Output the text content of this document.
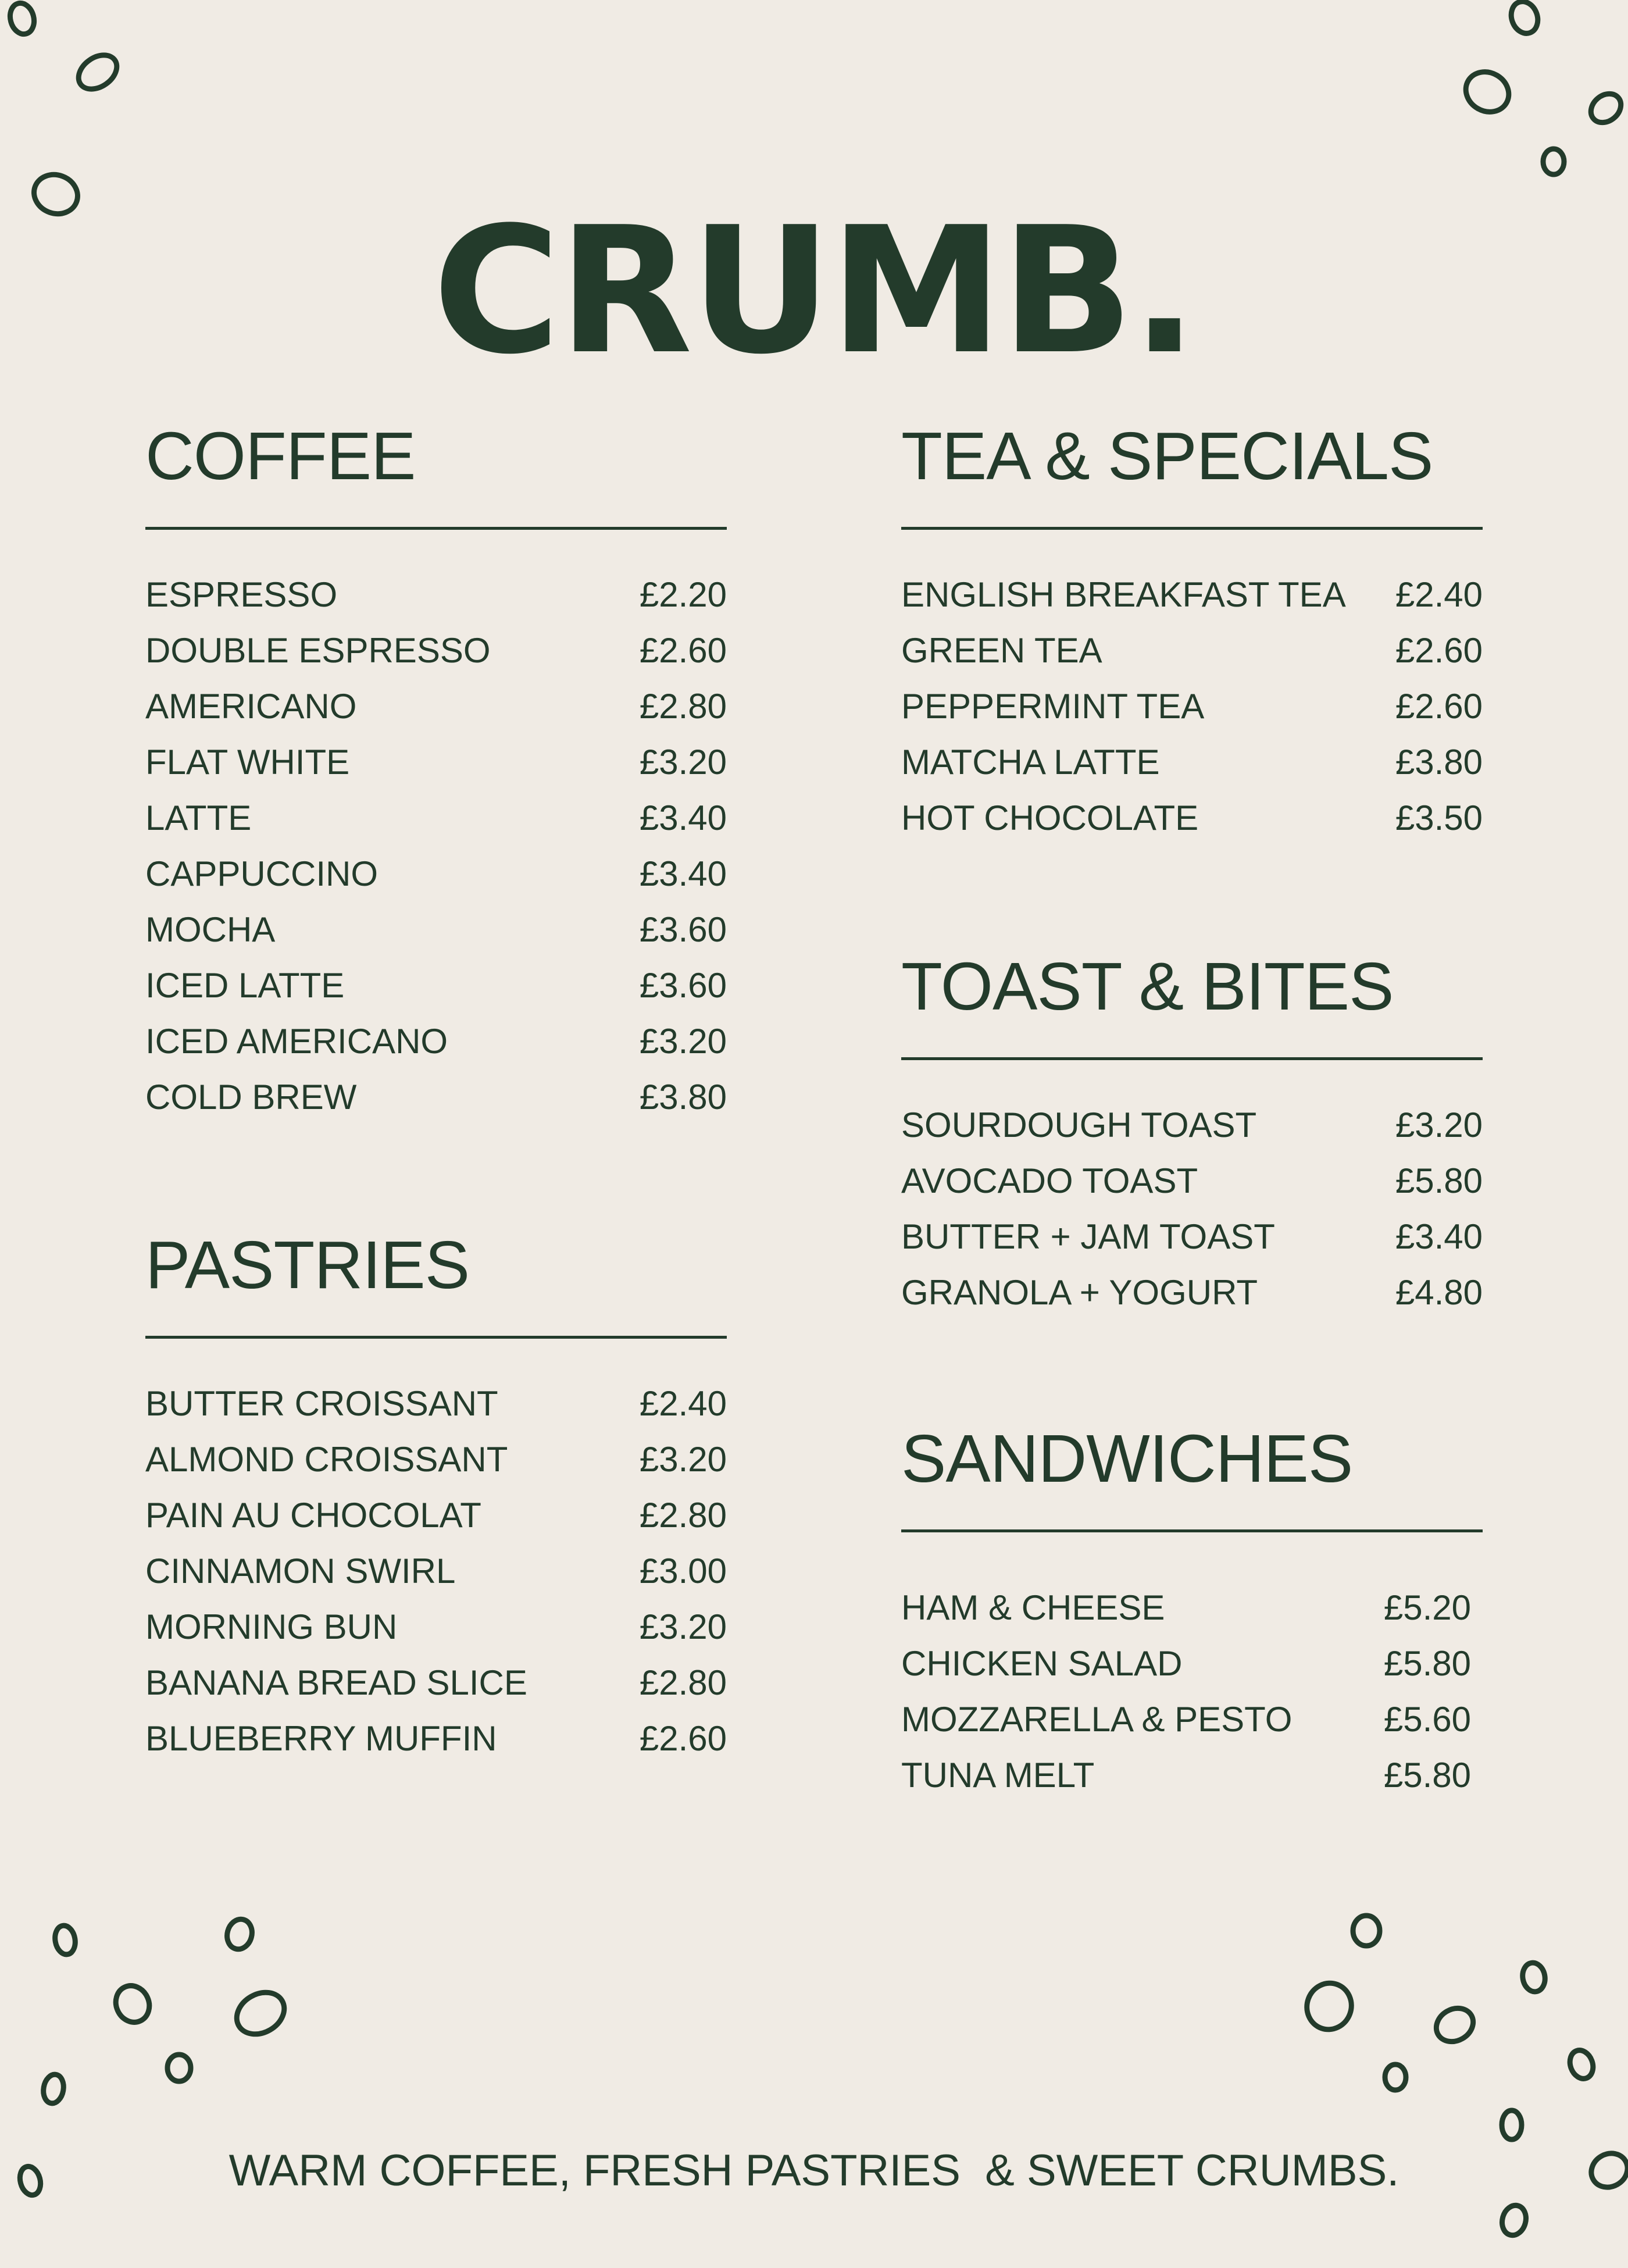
CRUMB.
COFFEE
ESPRESSO	£2.20
DOUBLE ESPRESSO	£2.60
AMERICANO	£2.80
FLAT WHITE	£3.20
LATTE	£3.40
CAPPUCCINO	£3.40
MOCHA	£3.60
ICED LATTE	£3.60
ICED AMERICANO	£3.20
COLD BREW	£3.80
PASTRIES
BUTTER CROISSANT	£2.40
ALMOND CROISSANT	£3.20
PAIN AU CHOCOLAT	£2.80
CINNAMON SWIRL	£3.00
MORNING BUN	£3.20
BANANA BREAD SLICE	£2.80
BLUEBERRY MUFFIN	£2.60
TEA & SPECIALS
ENGLISH BREAKFAST TEA £2.40
GREEN TEA	£2.60
PEPPERMINT TEA	£2.60
MATCHA LATTE	£3.80
HOT CHOCOLATE	£3.50
TOAST & BITES
SOURDOUGH TOAST	£3.20
AVOCADO TOAST	£5.80
BUTTER + JAM TOAST	£3.40
GRANOLA + YOGURT	£4.80
SANDWICHES
HAM & CHEESE	£5.20
CHICKEN SALAD	£5.80
MOZZARELLA & PESTO	£5.60
TUNA MELT	£5.80
WARM COFFEE, FRESH PASTRIES  & SWEET CRUMBS.
